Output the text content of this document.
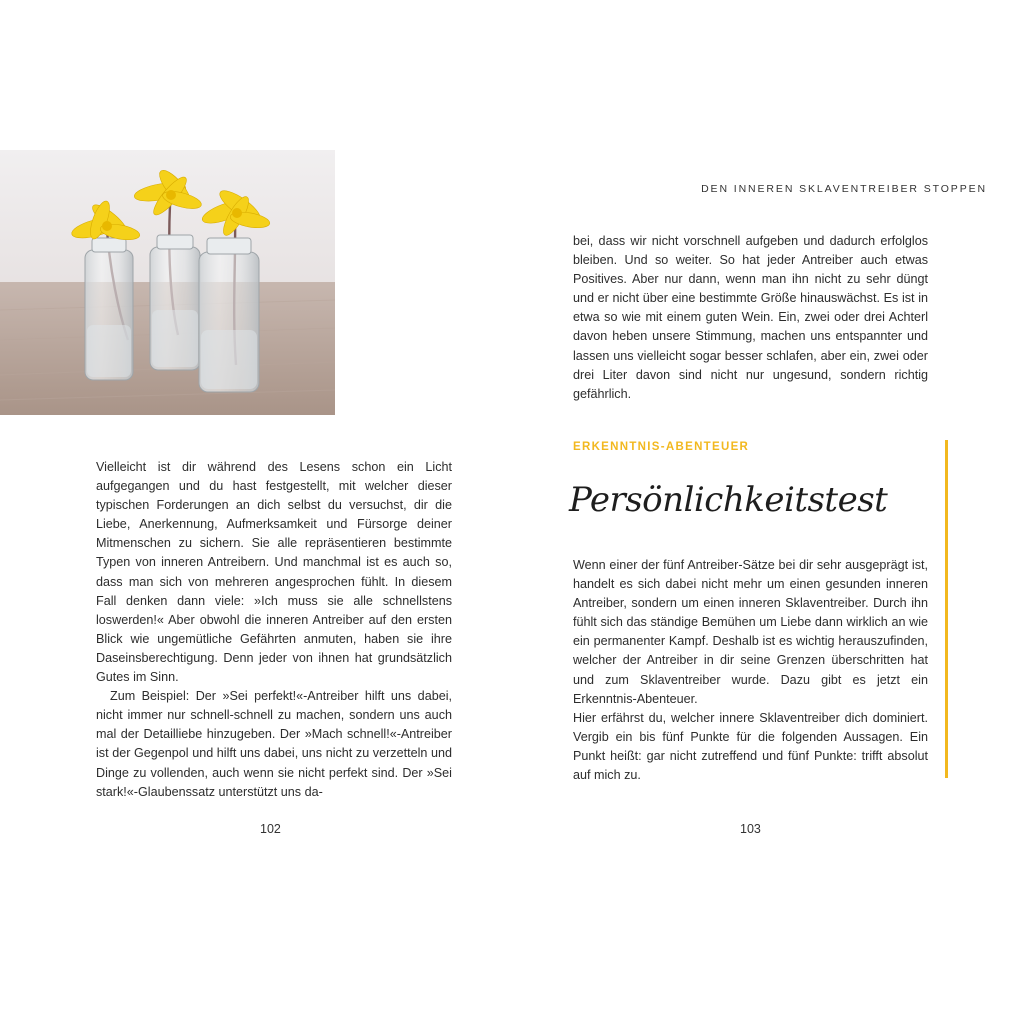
DEN INNEREN SKLAVENTREIBER STOPPEN

Vielleicht ist dir während des Lesens schon ein Licht aufgegangen und du hast festgestellt, mit welcher dieser typischen Forderungen an dich selbst du versuchst, dir die Liebe, Anerkennung, Aufmerksamkeit und Fürsorge deiner Mitmenschen zu sichern. Sie alle repräsentieren bestimmte Typen von inneren Antreibern. Und manchmal ist es auch so, dass man sich von mehreren angesprochen fühlt. In diesem Fall denken dann viele: »Ich muss sie alle schnellstens loswerden!« Aber obwohl die inneren Antreiber auf den ersten Blick wie ungemütliche Gefährten anmuten, haben sie ihre Daseinsberechtigung. Denn jeder von ihnen hat grundsätzlich Gutes im Sinn.

Zum Beispiel: Der »Sei perfekt!«-Antreiber hilft uns dabei, nicht immer nur schnell-schnell zu machen, sondern uns auch mal der Detailliebe hinzugeben. Der »Mach schnell!«-Antreiber ist der Gegenpol und hilft uns dabei, uns nicht zu verzetteln und Dinge zu vollenden, auch wenn sie nicht perfekt sind. Der »Sei stark!«-Glaubenssatz unterstützt uns da-

bei, dass wir nicht vorschnell aufgeben und dadurch erfolglos bleiben. Und so weiter. So hat jeder Antreiber auch etwas Positives. Aber nur dann, wenn man ihn nicht zu sehr düngt und er nicht über eine bestimmte Größe hinauswächst. Es ist in etwa so wie mit einem guten Wein. Ein, zwei oder drei Achterl davon heben unsere Stimmung, machen uns entspannter und lassen uns vielleicht sogar besser schlafen, aber ein, zwei oder drei Liter davon sind nicht nur ungesund, sondern richtig gefährlich.

ERKENNTNIS-ABENTEUER
Persönlichkeitstest

Wenn einer der fünf Antreiber-Sätze bei dir sehr ausgeprägt ist, handelt es sich dabei nicht mehr um einen gesunden inneren Antreiber, sondern um einen inneren Sklaventreiber. Durch ihn fühlt sich das ständige Bemühen um Liebe dann wirklich an wie ein permanenter Kampf. Deshalb ist es wichtig herauszufinden, welcher der Antreiber in dir seine Grenzen überschritten hat und zum Sklaventreiber wurde. Dazu gibt es jetzt ein Erkenntnis-Abenteuer.

Hier erfährst du, welcher innere Sklaventreiber dich dominiert. Vergib ein bis fünf Punkte für die folgenden Aussagen. Ein Punkt heißt: gar nicht zutreffend und fünf Punkte: trifft absolut auf mich zu.

102	103
